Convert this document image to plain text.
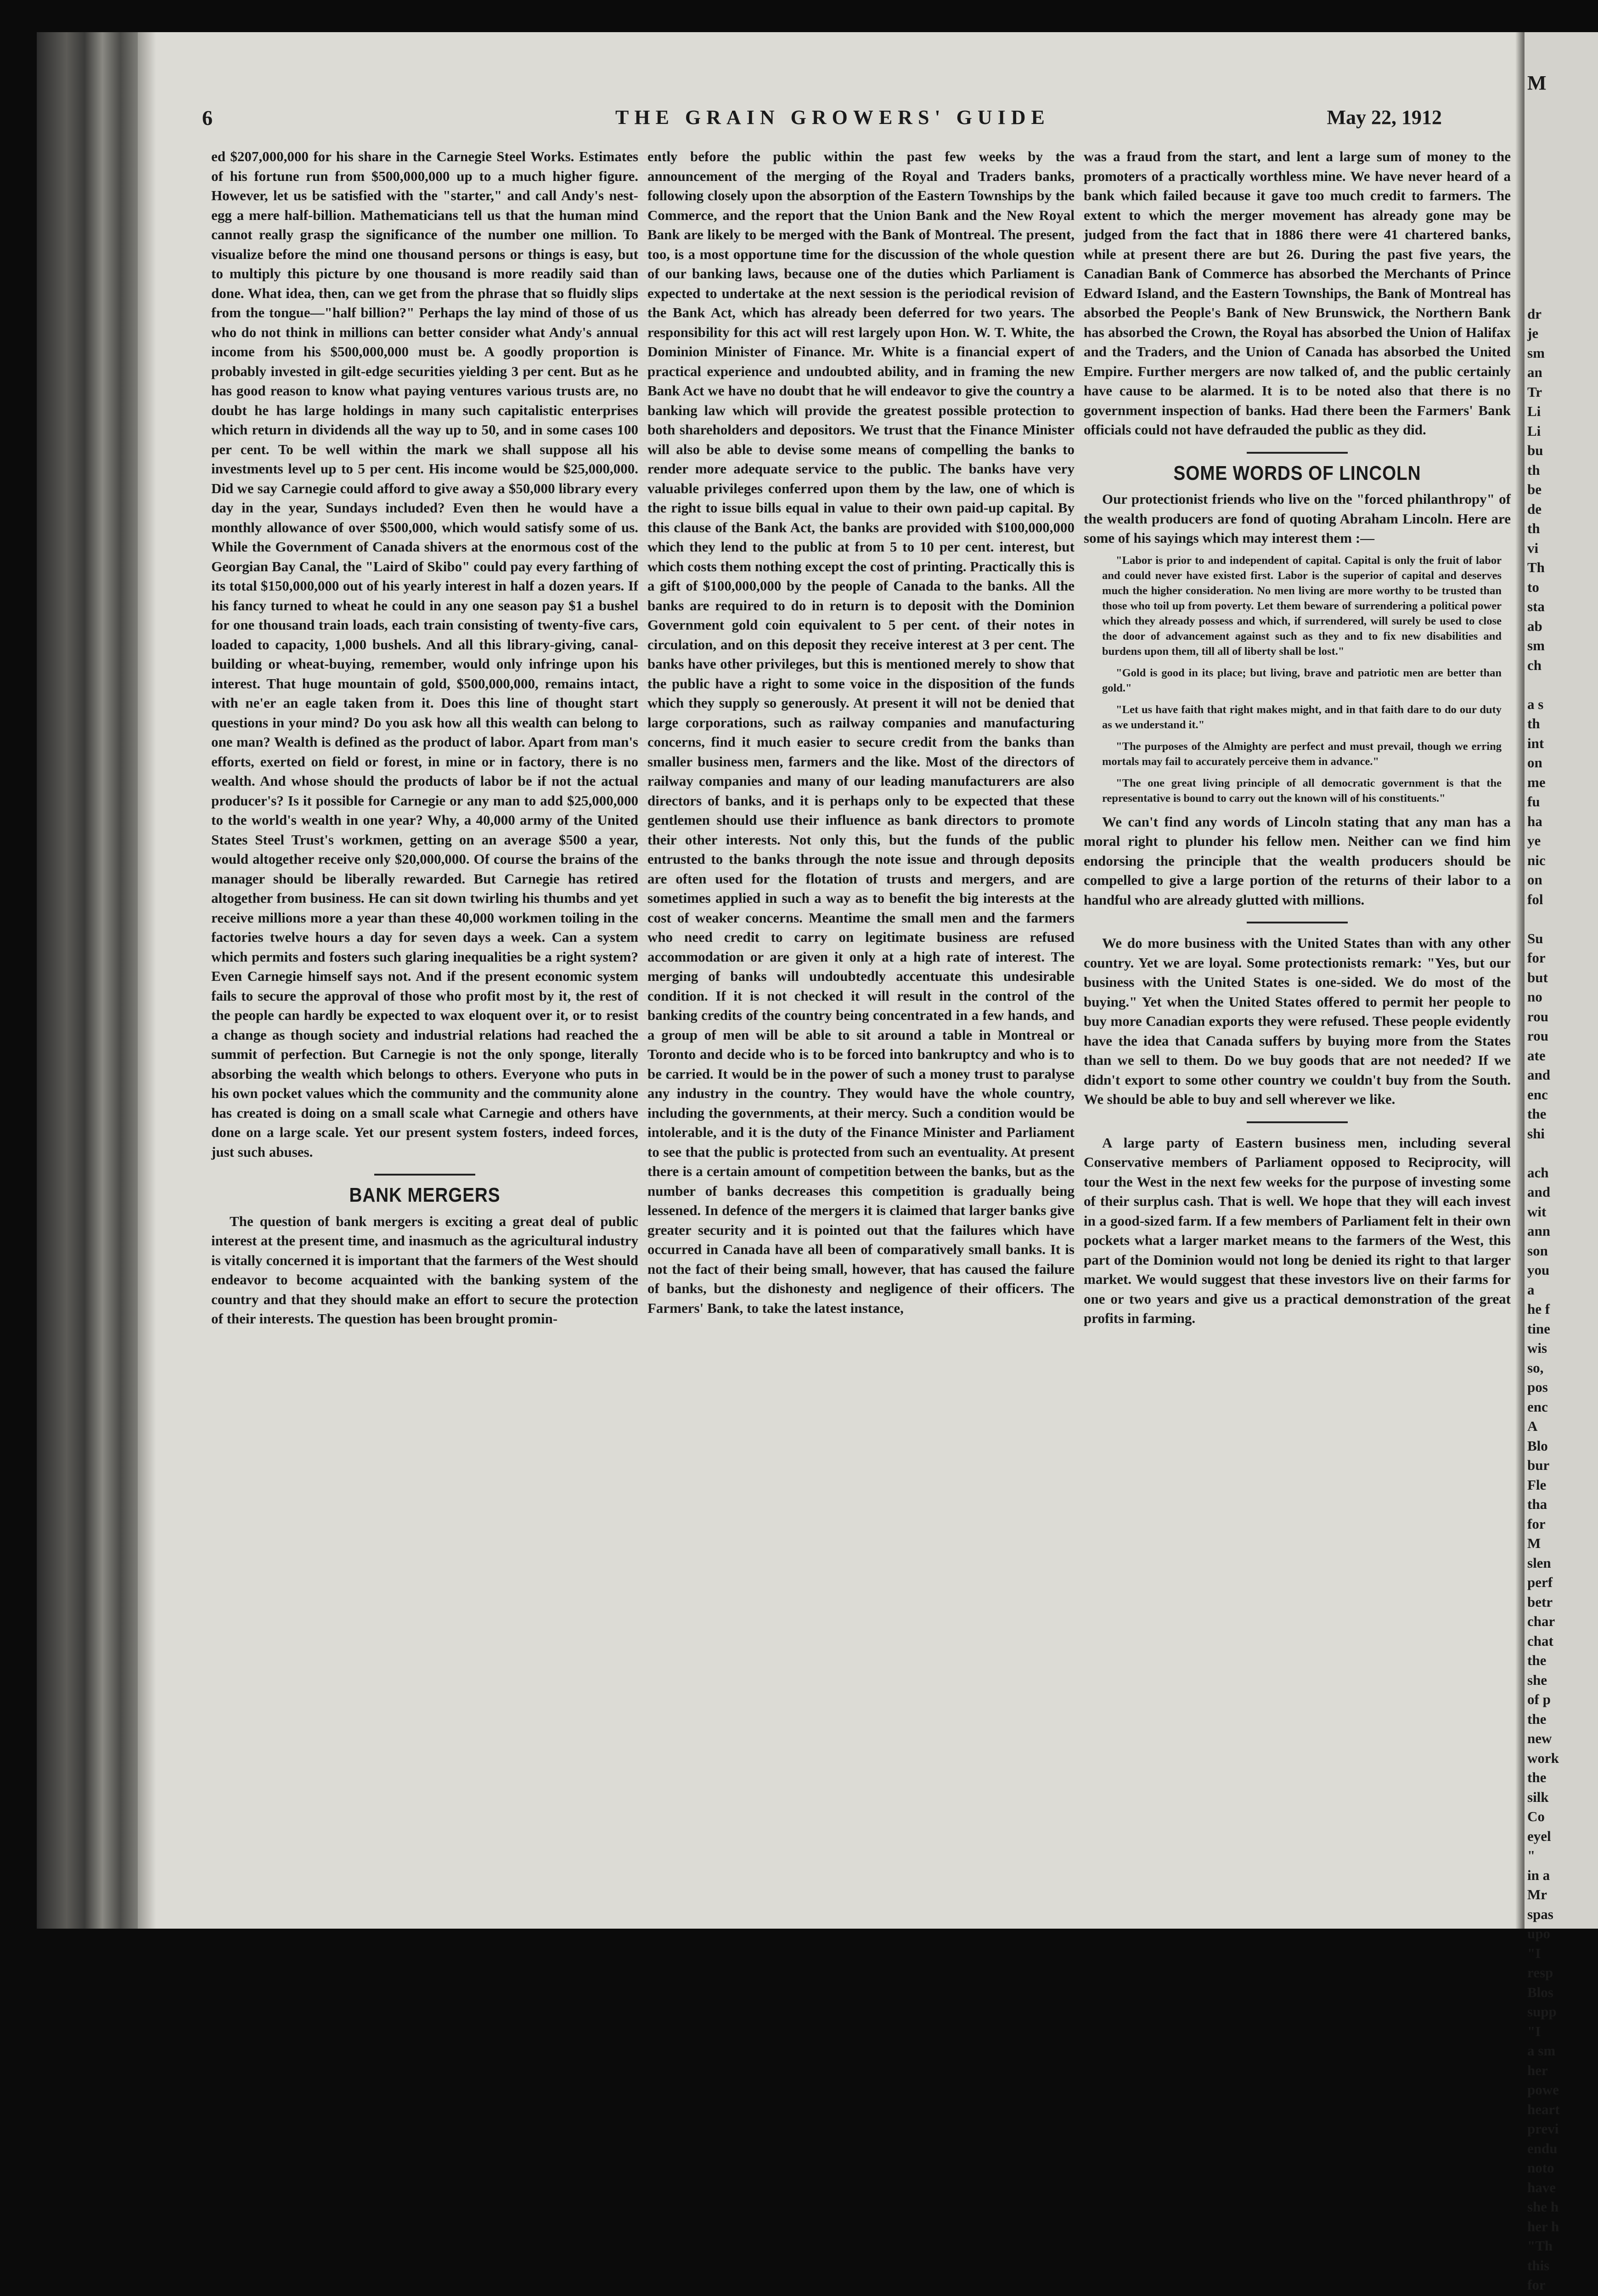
6	THE GRAIN GROWERS' GUIDE	May 22, 1912

ed $207,000,000 for his share in the Carnegie Steel Works. Estimates of his fortune run from $500,000,000 up to a much higher figure. However, let us be satisfied with the "starter," and call Andy's nest-egg a mere half-billion. Mathematicians tell us that the human mind cannot really grasp the significance of the number one million. To visualize before the mind one thousand persons or things is easy, but to multiply this picture by one thousand is more readily said than done. What idea, then, can we get from the phrase that so fluidly slips from the tongue—"half billion?" Perhaps the lay mind of those of us who do not think in millions can better consider what Andy's annual income from his $500,000,000 must be. A goodly proportion is probably invested in gilt-edge securities yielding 3 per cent. But as he has good reason to know what paying ventures various trusts are, no doubt he has large holdings in many such capitalistic enterprises which return in dividends all the way up to 50, and in some cases 100 per cent. To be well within the mark we shall suppose all his investments level up to 5 per cent. His income would be $25,000,000. Did we say Carnegie could afford to give away a $50,000 library every day in the year, Sundays included? Even then he would have a monthly allowance of over $500,000, which would satisfy some of us. While the Government of Canada shivers at the enormous cost of the Georgian Bay Canal, the "Laird of Skibo" could pay every farthing of its total $150,000,000 out of his yearly interest in half a dozen years. If his fancy turned to wheat he could in any one season pay $1 a bushel for one thousand train loads, each train consisting of twenty-five cars, loaded to capacity, 1,000 bushels. And all this library-giving, canal-building or wheat-buying, remember, would only infringe upon his interest. That huge mountain of gold, $500,000,000, remains intact, with ne'er an eagle taken from it. Does this line of thought start questions in your mind? Do you ask how all this wealth can belong to one man? Wealth is defined as the product of labor. Apart from man's efforts, exerted on field or forest, in mine or in factory, there is no wealth. And whose should the products of labor be if not the actual producer's? Is it possible for Carnegie or any man to add $25,000,000 to the world's wealth in one year? Why, a 40,000 army of the United States Steel Trust's workmen, getting on an average $500 a year, would altogether receive only $20,000,000. Of course the brains of the manager should be liberally rewarded. But Carnegie has retired altogether from business. He can sit down twirling his thumbs and yet receive millions more a year than these 40,000 workmen toiling in the factories twelve hours a day for seven days a week. Can a system which permits and fosters such glaring inequalities be a right system? Even Carnegie himself says not. And if the present economic system fails to secure the approval of those who profit most by it, the rest of the people can hardly be expected to wax eloquent over it, or to resist a change as though society and industrial relations had reached the summit of perfection. But Carnegie is not the only sponge, literally absorbing the wealth which belongs to others. Everyone who puts in his own pocket values which the community and the community alone has created is doing on a small scale what Carnegie and others have done on a large scale. Yet our present system fosters, indeed forces, just such abuses.

BANK MERGERS

The question of bank mergers is exciting a great deal of public interest at the present time, and inasmuch as the agricultural industry is vitally concerned it is important that the farmers of the West should endeavor to become acquainted with the banking system of the country and that they should make an effort to secure the protection of their interests. The question has been brought promin-

ently before the public within the past few weeks by the announcement of the merging of the Royal and Traders banks, following closely upon the absorption of the Eastern Townships by the Commerce, and the report that the Union Bank and the New Royal Bank are likely to be merged with the Bank of Montreal. The present, too, is a most opportune time for the discussion of the whole question of our banking laws, because one of the duties which Parliament is expected to undertake at the next session is the periodical revision of the Bank Act, which has already been deferred for two years. The responsibility for this act will rest largely upon Hon. W. T. White, the Dominion Minister of Finance. Mr. White is a financial expert of practical experience and undoubted ability, and in framing the new Bank Act we have no doubt that he will endeavor to give the country a banking law which will provide the greatest possible protection to both shareholders and depositors. We trust that the Finance Minister will also be able to devise some means of compelling the banks to render more adequate service to the public. The banks have very valuable privileges conferred upon them by the law, one of which is the right to issue bills equal in value to their own paid-up capital. By this clause of the Bank Act, the banks are provided with $100,000,000 which they lend to the public at from 5 to 10 per cent. interest, but which costs them nothing except the cost of printing. Practically this is a gift of $100,000,000 by the people of Canada to the banks. All the banks are required to do in return is to deposit with the Dominion Government gold coin equivalent to 5 per cent. of their notes in circulation, and on this deposit they receive interest at 3 per cent. The banks have other privileges, but this is mentioned merely to show that the public have a right to some voice in the disposition of the funds which they supply so generously. At present it will not be denied that large corporations, such as railway companies and manufacturing concerns, find it much easier to secure credit from the banks than smaller business men, farmers and the like. Most of the directors of railway companies and many of our leading manufacturers are also directors of banks, and it is perhaps only to be expected that these gentlemen should use their influence as bank directors to promote their other interests. Not only this, but the funds of the public entrusted to the banks through the note issue and through deposits are often used for the flotation of trusts and mergers, and are sometimes applied in such a way as to benefit the big interests at the cost of weaker concerns. Meantime the small men and the farmers who need credit to carry on legitimate business are refused accommodation or are given it only at a high rate of interest. The merging of banks will undoubtedly accentuate this undesirable condition. If it is not checked it will result in the control of the banking credits of the country being concentrated in a few hands, and a group of men will be able to sit around a table in Montreal or Toronto and decide who is to be forced into bankruptcy and who is to be carried. It would be in the power of such a money trust to paralyse any industry in the country. They would have the whole country, including the governments, at their mercy. Such a condition would be intolerable, and it is the duty of the Finance Minister and Parliament to see that the public is protected from such an eventuality. At present there is a certain amount of competition between the banks, but as the number of banks decreases this competition is gradually being lessened. In defence of the mergers it is claimed that larger banks give greater security and it is pointed out that the failures which have occurred in Canada have all been of comparatively small banks. It is not the fact of their being small, however, that has caused the failure of banks, but the dishonesty and negligence of their officers. The Farmers' Bank, to take the latest instance,

was a fraud from the start, and lent a large sum of money to the promoters of a practically worthless mine. We have never heard of a bank which failed because it gave too much credit to farmers. The extent to which the merger movement has already gone may be judged from the fact that in 1886 there were 41 chartered banks, while at present there are but 26. During the past five years, the Canadian Bank of Commerce has absorbed the Merchants of Prince Edward Island, and the Eastern Townships, the Bank of Montreal has absorbed the People's Bank of New Brunswick, the Northern Bank has absorbed the Crown, the Royal has absorbed the Union of Halifax and the Traders, and the Union of Canada has absorbed the United Empire. Further mergers are now talked of, and the public certainly have cause to be alarmed. It is to be noted also that there is no government inspection of banks. Had there been the Farmers' Bank officials could not have defrauded the public as they did.

SOME WORDS OF LINCOLN

Our protectionist friends who live on the "forced philanthropy" of the wealth producers are fond of quoting Abraham Lincoln. Here are some of his sayings which may interest them :—

"Labor is prior to and independent of capital. Capital is only the fruit of labor and could never have existed first. Labor is the superior of capital and deserves much the higher consideration. No men living are more worthy to be trusted than those who toil up from poverty. Let them beware of surrendering a political power which they already possess and which, if surrendered, will surely be used to close the door of advancement against such as they and to fix new disabilities and burdens upon them, till all of liberty shall be lost."

"Gold is good in its place; but living, brave and patriotic men are better than gold."

"Let us have faith that right makes might, and in that faith dare to do our duty as we understand it."

"The purposes of the Almighty are perfect and must prevail, though we erring mortals may fail to accurately perceive them in advance."

"The one great living principle of all democratic government is that the representative is bound to carry out the known will of his constituents."

We can't find any words of Lincoln stating that any man has a moral right to plunder his fellow men. Neither can we find him endorsing the principle that the wealth producers should be compelled to give a large portion of the returns of their labor to a handful who are already glutted with millions.

We do more business with the United States than with any other country. Yet we are loyal. Some protectionists remark: "Yes, but our business with the United States is one-sided. We do most of the buying." Yet when the United States offered to permit her people to buy more Canadian exports they were refused. These people evidently have the idea that Canada suffers by buying more from the States than we sell to them. Do we buy goods that are not needed? If we didn't export to some other country we couldn't buy from the South. We should be able to buy and sell wherever we like.

A large party of Eastern business men, including several Conservative members of Parliament opposed to Reciprocity, will tour the West in the next few weeks for the purpose of investing some of their surplus cash. That is well. We hope that they will each invest in a good-sized farm. If a few members of Parliament felt in their own pockets what a larger market means to the farmers of the West, this part of the Dominion would not long be denied its right to that larger market. We would suggest that these investors live on their farms for one or two years and give us a practical demonstration of the great profits in farming.

M
dr
je
sm
an
Tr
Li
Li
bu
th
be
de
th
vi
Th
to
sta
ab
sm
ch

a s
th
int
on
me
fu
ha
ye
nic
on
fol

Su
for
but
no
rou
rou
ate
and
enc
the
shi

ach
and
wit
ann
son
you
a
he f
tine
wis
so,
pos
enc
A
Blo
bur
Fle
tha
for
M
slen
perf
betr
char
chat
the
she
of p
the
new
work
the
silk
Co
eyel
"
in a
Mr
spas
upo
"I
resp
Blos
supp
"I
a sm
her
powe
heart
previ
endu
noto
have
she h
her h
"Th
this
for
